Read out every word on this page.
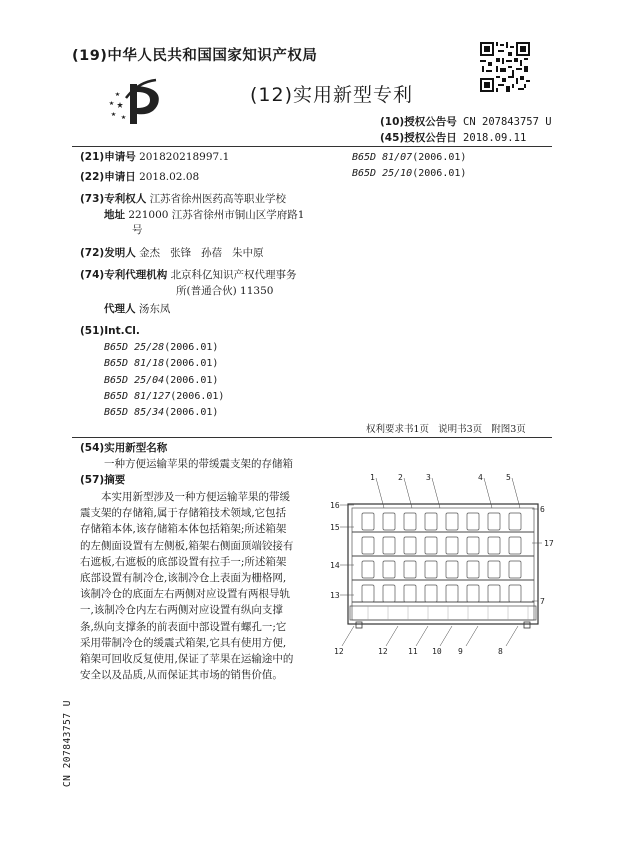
(19)中华人民共和国国家知识产权局
(12)实用新型专利
(10)授权公告号 CN 207843757 U
(45)授权公告日 2018.09.11
(21)申请号 201820218997.1
(22)申请日 2018.02.08
(73)专利权人 江苏省徐州医药高等职业学校
地址 221000 江苏省徐州市铜山区学府路1
号
(72)发明人 金杰   张锋   孙蓓   朱中原
(74)专利代理机构 北京科亿知识产权代理事务
所(普通合伙) 11350
代理人 汤东凤
(51)Int.Cl.
B65D 25/28(2006.01)
B65D 81/18(2006.01)
B65D 25/04(2006.01)
B65D 81/127(2006.01)
B65D 85/34(2006.01)
B65D 81/07(2006.01)
B65D 25/10(2006.01)
权利要求书1页   说明书3页   附图3页
(54)实用新型名称
一种方便运输苹果的带缓震支架的存储箱
(57)摘要
本实用新型涉及一种方便运输苹果的带缓
震支架的存储箱,属于存储箱技术领域,它包括
存储箱本体,该存储箱本体包括箱架;所述箱架
的左侧面设置有左侧板,箱架右侧面顶端铰接有
右遮板,右遮板的底部设置有拉手一;所述箱架
底部设置有制冷仓,该制冷仓上表面为栅格网,
该制冷仓的底面左右两侧对应设置有两根导轨
一,该制冷仓内左右两侧对应设置有纵向支撑
条,纵向支撑条的前表面中部设置有螺孔一;它
采用带制冷仓的缓震式箱架,它具有使用方便,
箱架可回收反复使用,保证了苹果在运输途中的
安全以及品质,从而保证其市场的销售价值。
1	2	3	4	5
16
15
14
13
6
17
7
12	12	11 10 9	8
CN 207843757 U
